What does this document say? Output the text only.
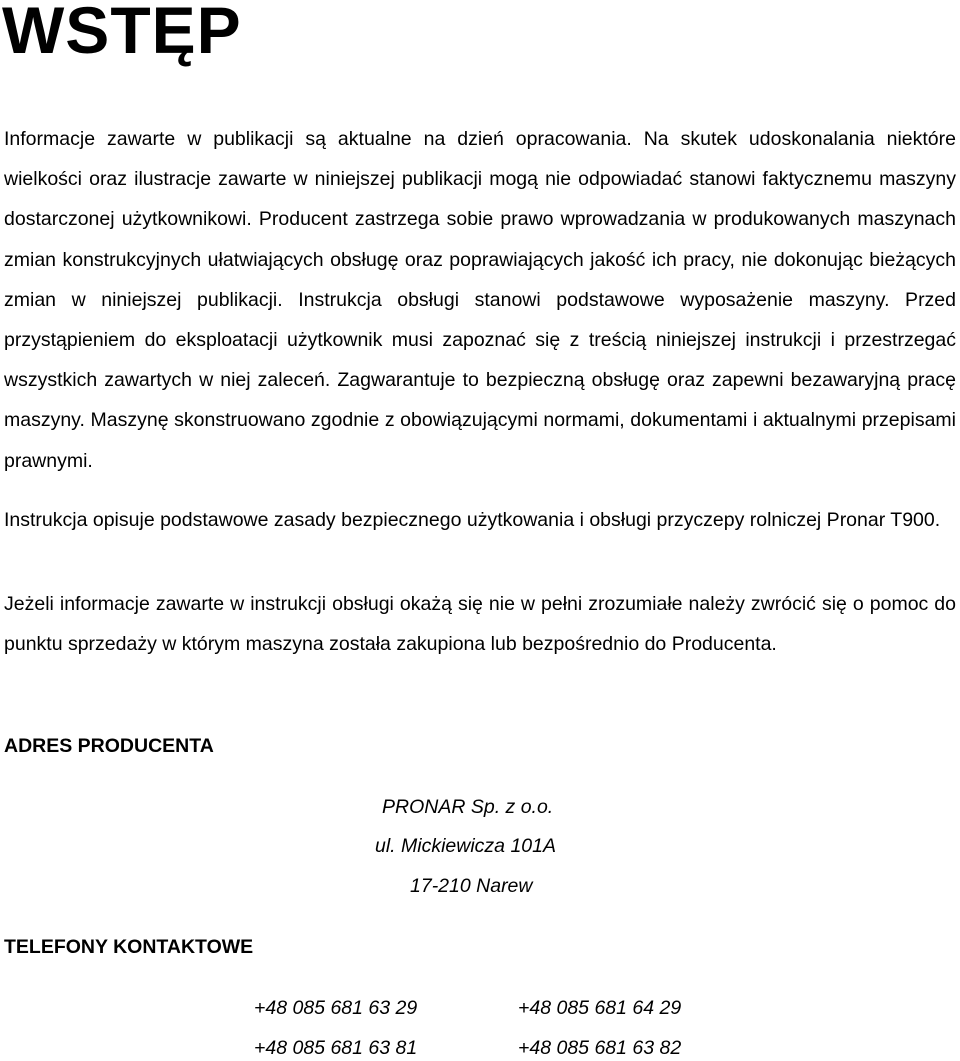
WSTĘP

Informacje zawarte w publikacji są aktualne na dzień opracowania. Na skutek udoskonalania niektóre wielkości oraz ilustracje zawarte w niniejszej publikacji mogą nie odpowiadać stanowi faktycznemu maszyny dostarczonej użytkownikowi. Producent zastrzega sobie prawo wprowadzania w produkowanych maszynach zmian konstrukcyjnych ułatwiających obsługę oraz poprawiających jakość ich pracy, nie dokonując bieżących zmian w niniejszej publikacji. Instrukcja obsługi stanowi podstawowe wyposażenie maszyny. Przed przystąpieniem do eksploatacji użytkownik musi zapoznać się z treścią niniejszej instrukcji i przestrzegać wszystkich zawartych w niej zaleceń. Zagwarantuje to bezpieczną obsługę oraz zapewni bezawaryjną pracę maszyny. Maszynę skonstruowano zgodnie z obowiązującymi normami, dokumentami i aktualnymi przepisami prawnymi.

Instrukcja opisuje podstawowe zasady bezpiecznego użytkowania i obsługi przyczepy rolniczej Pronar T900.

Jeżeli informacje zawarte w instrukcji obsługi okażą się nie w pełni zrozumiałe należy zwrócić się o pomoc do punktu sprzedaży w którym maszyna została zakupiona lub bezpośrednio do Producenta.

ADRES PRODUCENTA

PRONAR Sp. z o.o.

ul. Mickiewicza 101A

17-210 Narew

TELEFONY KONTAKTOWE

+48 085 681 63 29	+48 085 681 64 29

+48 085 681 63 81	+48 085 681 63 82
